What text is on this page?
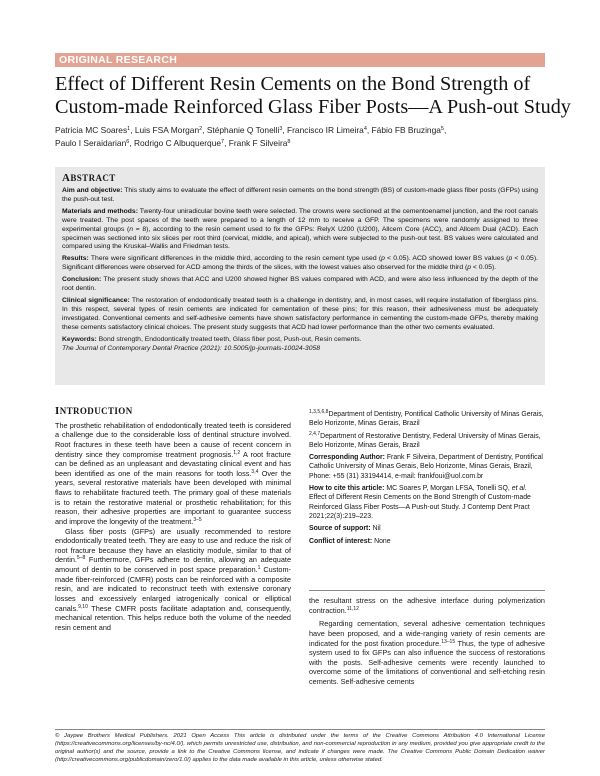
ORIGINAL RESEARCH
Effect of Different Resin Cements on the Bond Strength of
Custom-made Reinforced Glass Fiber Posts—A Push-out Study
Patricia MC Soares$^1$, Luis FSA Morgan$^2$, Stéphanie Q Tonelli$^3$, Francisco IR Limeira$^4$, Fábio FB Bruzinga$^5$,
Paulo I Seraidarian$^6$, Rodrigo C Albuquerque$^7$, Frank F Silveira$^8$
ABSTRACT

Aim and objective: This study aims to evaluate the effect of different resin cements on the bond strength (BS) of custom-made glass fiber posts (GFPs) using the push-out test.

Materials and methods: Twenty-four uniradicular bovine teeth were selected. The crowns were sectioned at the cementoenamel junction, and the root canals were treated. The post spaces of the teeth were prepared to a length of 12 mm to receive a GFP. The specimens were randomly assigned to three experimental groups (n = 8), according to the resin cement used to fix the GFPs: RelyX U200 (U200), Allcem Core (ACC), and Allcem Dual (ACD). Each specimen was sectioned into six slices per root third (cervical, middle, and apical), which were subjected to the push-out test. BS values were calculated and compared using the Kruskal–Wallis and Friedman tests.

Results: There were significant differences in the middle third, according to the resin cement type used (p < 0.05). ACD showed lower BS values (p < 0.05). Significant differences were observed for ACD among the thirds of the slices, with the lowest values also observed for the middle third (p < 0.05).

Conclusion: The present study shows that ACC and U200 showed higher BS values compared with ACD, and were also less influenced by the depth of the root dentin.

Clinical significance: The restoration of endodontically treated teeth is a challenge in dentistry, and, in most cases, will require installation of fiberglass pins. In this respect, several types of resin cements are indicated for cementation of these pins; for this reason, their adhesiveness must be adequately investigated. Conventional cements and self-adhesive cements have shown satisfactory performance in cementing the custom-made GFPs, thereby making these cements satisfactory clinical choices. The present study suggests that ACD had lower performance than the other two cements evaluated.

Keywords: Bond strength, Endodontically treated teeth, Glass fiber post, Push-out, Resin cements.

The Journal of Contemporary Dental Practice (2021): 10.5005/jp-journals-10024-3058

INTRODUCTION

The prosthetic rehabilitation of endodontically treated teeth is considered a challenge due to the considerable loss of dentinal structure involved. Root fractures in these teeth have been a cause of recent concern in dentistry since they compromise treatment prognosis.$^{1,2}$ A root fracture can be defined as an unpleasant and devastating clinical event and has been identified as one of the main reasons for tooth loss.$^{3,4}$ Over the years, several restorative materials have been developed with minimal flaws to rehabilitate fractured teeth. The primary goal of these materials is to retain the restorative material or prosthetic rehabilitation; for this reason, their adhesive properties are important to guarantee success and improve the longevity of the treatment.$^{3-5}$

Glass fiber posts (GFPs) are usually recommended to restore endodontically treated teeth. They are easy to use and reduce the risk of root fracture because they have an elasticity module, similar to that of dentin.$^{5-8}$ Furthermore, GFPs adhere to dentin, allowing an adequate amount of dentin to be conserved in post space preparation.$^1$ Custom-made fiber-reinforced (CMFR) posts can be reinforced with a composite resin, and are indicated to reconstruct teeth with extensive coronary losses and excessively enlarged iatrogenically conical or elliptical canals.$^{9,10}$ These CMFR posts facilitate adaptation and, consequently, mechanical retention. This helps reduce both the volume of the needed resin cement and

$^{1,3,5,6,8}$Department of Dentistry, Pontifical Catholic University of Minas Gerais, Belo Horizonte, Minas Gerais, Brazil

$^{2,4,7}$Department of Restorative Dentistry, Federal University of Minas Gerais, Belo Horizonte, Minas Gerais, Brazil

Corresponding Author: Frank F Silveira, Department of Dentistry, Pontifical Catholic University of Minas Gerais, Belo Horizonte, Minas Gerais, Brazil, Phone: +55 (31) 33194414, e-mail: frankfoui@uol.com.br

How to cite this article: MC Soares P, Morgan LFSA, Tonelli SQ, et al. Effect of Different Resin Cements on the Bond Strength of Custom-made Reinforced Glass Fiber Posts—A Push-out Study. J Contemp Dent Pract 2021;22(3):219–223.

Source of support: Nil

Conflict of interest: None

the resultant stress on the adhesive interface during polymerization contraction.$^{11,12}$

Regarding cementation, several adhesive cementation techniques have been proposed, and a wide-ranging variety of resin cements are indicated for the post fixation procedure.$^{13-15}$ Thus, the type of adhesive system used to fix GFPs can also influence the success of restorations with the posts. Self-adhesive cements were recently launched to overcome some of the limitations of conventional and self-etching resin cements. Self-adhesive cements

© Jaypee Brothers Medical Publishers. 2021 Open Access This article is distributed under the terms of the Creative Commons Attribution 4.0 International License (https://creativecommons.org/licenses/by-nc/4.0/), which permits unrestricted use, distribution, and non-commercial reproduction in any medium, provided you give appropriate credit to the original author(s) and the source, provide a link to the Creative Commons license, and indicate if changes were made. The Creative Commons Public Domain Dedication waiver (http://creativecommons.org/publicdomain/zero/1.0/) applies to the data made available in this article, unless otherwise stated.
